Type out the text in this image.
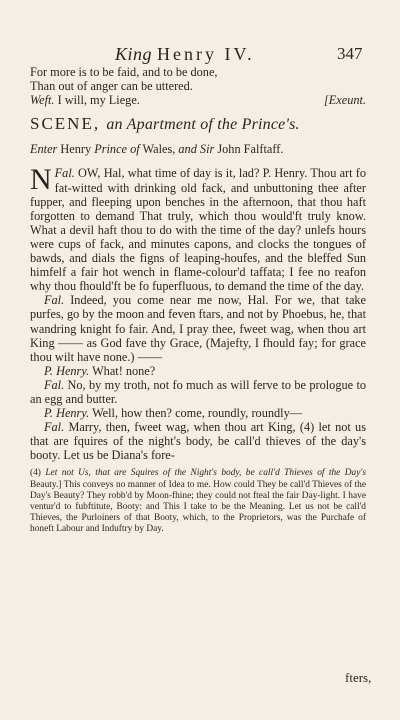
King Henry IV.	347

For more is to be faid, and to be done,

Than out of anger can be uttered.

Weft. I will, my Liege.	[Exeunt.
SCENE, an Apartment of the Prince's.
Enter Henry Prince of Wales, and Sir John Falftaff.

Fal.
N OW, Hal, what time of day is it, lad? P. Henry. Thou art fo fat-witted with drinking old fack, and unbuttoning thee after fupper, and fleeping upon benches in the afternoon, that thou haft forgotten to demand That truly, which thou would'ft truly know. What a devil haft thou to do with the time of the day? unlefs hours were cups of fack, and minutes capons, and clocks the tongues of bawds, and dials the figns of leaping-houfes, and the bleffed Sun himfelf a fair hot wench in flame-colour'd taffata; I fee no reafon why thou fhould'ft be fo fuperfluous, to demand the time of the day.

Fal. Indeed, you come near me now, Hal. For we, that take purfes, go by the moon and feven ftars, and not by Phoebus, he, that wandring knight fo fair. And, I pray thee, fweet wag, when thou art King —— as God fave thy Grace, (Majefty, I fhould fay; for grace thou wilt have none.) ——

P. Henry. What! none?

Fal. No, by my troth, not fo much as will ferve to be prologue to an egg and butter.

P. Henry. Well, how then? come, roundly, roundly—

Fal. Marry, then, fweet wag, when thou art King, (4) let not us that are fquires of the night's body, be call'd thieves of the day's booty. Let us be Diana's fore-

(4) Let not Us, that are Squires of the Night's body, be call'd Thieves of the Day's Beauty.] This conveys no manner of Idea to me. How could They be call'd Thieves of the Day's Beauty? They robb'd by Moon-fhine; they could not fteal the fair Day-light. I have ventur'd to fubftitute, Booty: and This I take to be the Meaning. Let us not be call'd Thieves, the Purloiners of that Booty, which, to the Proprietors, was the Purchafe of honeft Labour and Induftry by Day.
fters,
